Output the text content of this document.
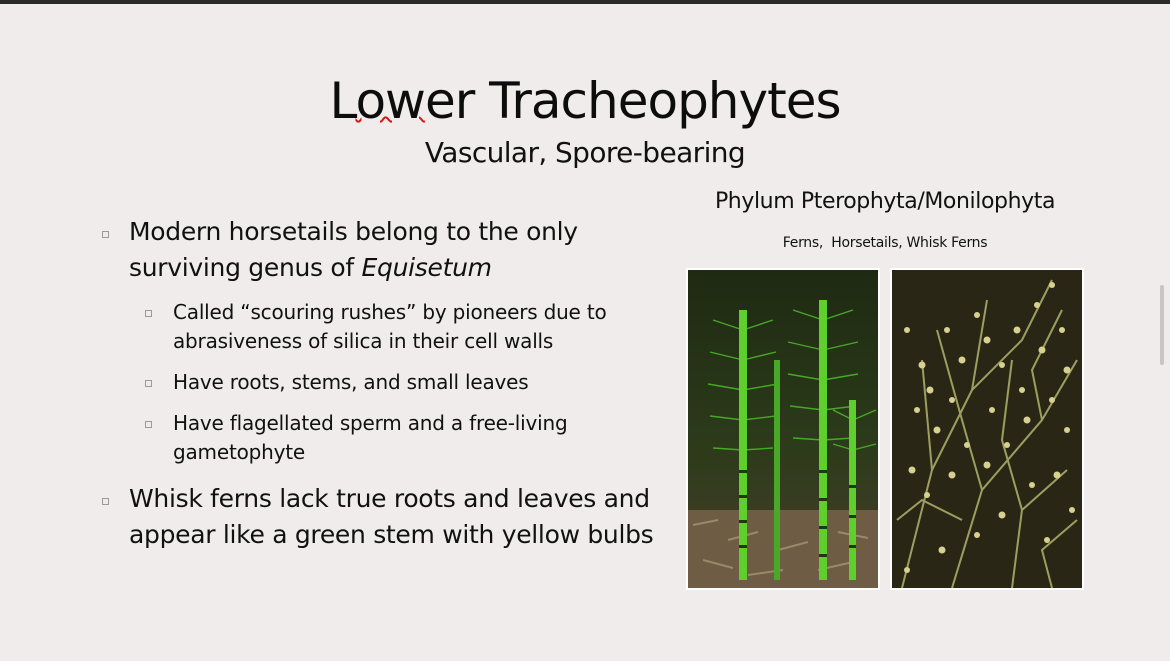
Lower Tracheophytes
Vascular, Spore-bearing
Modern horsetails belong to the only surviving genus of Equisetum
Called “scouring rushes” by pioneers due to abrasiveness of silica in their cell walls
Have roots, stems, and small leaves
Have flagellated sperm and a free-living gametophyte
Whisk ferns lack true roots and leaves and appear like a green stem with yellow bulbs
Phylum Pterophyta/Monilophyta
Ferns,  Horsetails, Whisk Ferns
